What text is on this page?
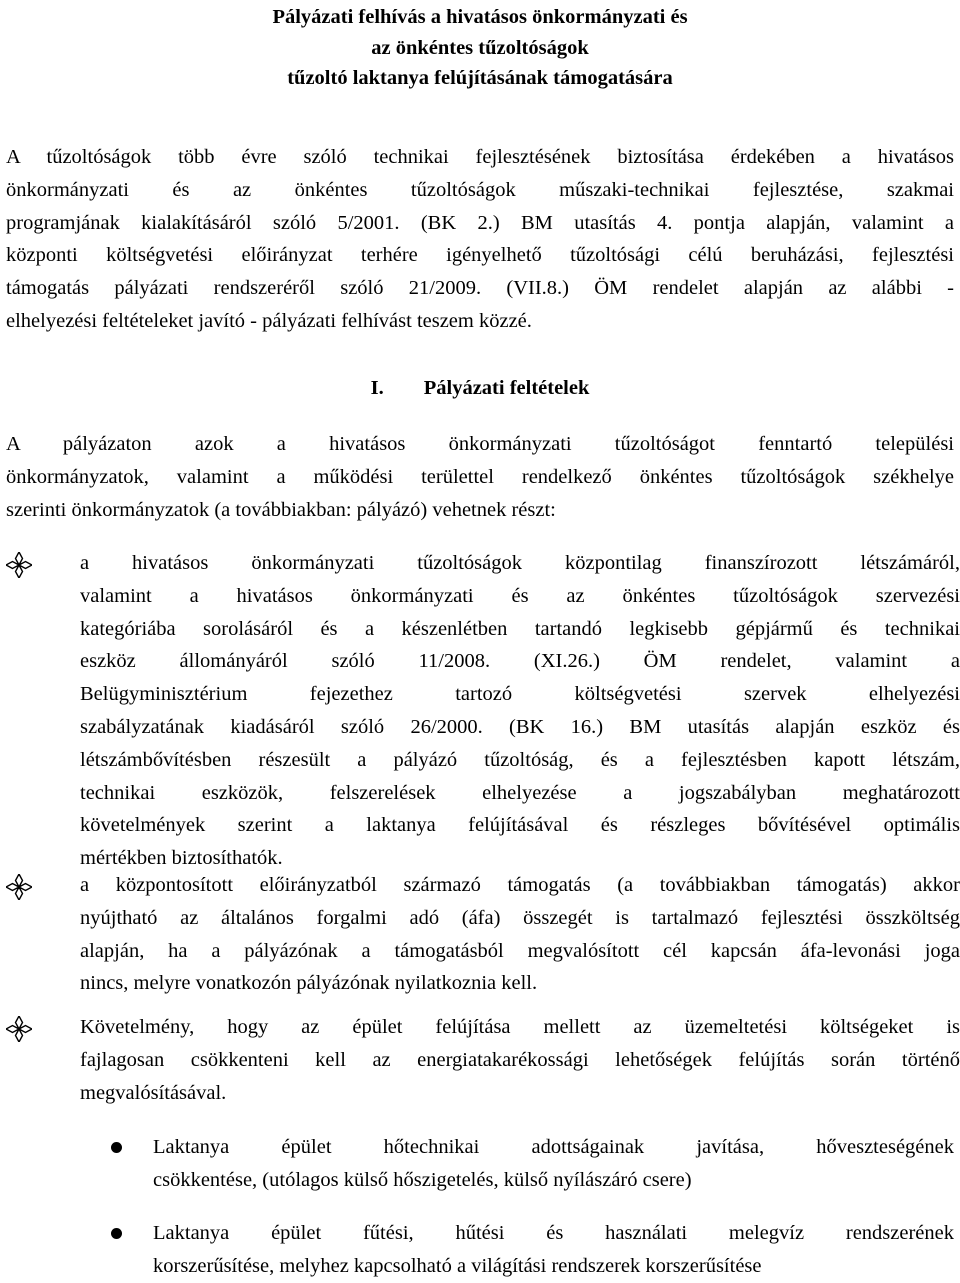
Pályázati felhívás a hivatásos önkormányzati és
az önkéntes tűzoltóságok
tűzoltó laktanya felújításának támogatására
A tűzoltóságok több évre szóló technikai fejlesztésének biztosítása érdekében a hivatásos
önkormányzati és az önkéntes tűzoltóságok műszaki-technikai fejlesztése, szakmai
programjának kialakításáról szóló 5/2001. (BK 2.) BM utasítás 4. pontja alapján, valamint a
központi költségvetési előirányzat terhére igényelhető tűzoltósági célú beruházási, fejlesztési
támogatás pályázati rendszeréről szóló 21/2009. (VII.8.) ÖM rendelet alapján az alábbi -
elhelyezési feltételeket javító - pályázati felhívást teszem közzé.
I. Pályázati feltételek
A pályázaton azok a hivatásos önkormányzati tűzoltóságot fenntartó települési
önkormányzatok, valamint a működési területtel rendelkező önkéntes tűzoltóságok székhelye
szerinti önkormányzatok (a továbbiakban: pályázó) vehetnek részt:
a hivatásos önkormányzati tűzoltóságok központilag finanszírozott létszámáról,
valamint a hivatásos önkormányzati és az önkéntes tűzoltóságok szervezési
kategóriába sorolásáról és a készenlétben tartandó legkisebb gépjármű és technikai
eszköz állományáról szóló 11/2008. (XI.26.) ÖM rendelet, valamint a
Belügyminisztérium fejezethez tartozó költségvetési szervek elhelyezési
szabályzatának kiadásáról szóló 26/2000. (BK 16.) BM utasítás alapján eszköz és
létszámbővítésben részesült a pályázó tűzoltóság, és a fejlesztésben kapott létszám,
technikai eszközök, felszerelések elhelyezése a jogszabályban meghatározott
követelmények szerint a laktanya felújításával és részleges bővítésével optimális
mértékben biztosíthatók.
a központosított előirányzatból származó támogatás (a továbbiakban támogatás) akkor
nyújtható az általános forgalmi adó (áfa) összegét is tartalmazó fejlesztési összköltség
alapján, ha a pályázónak a támogatásból megvalósított cél kapcsán áfa-levonási joga
nincs, melyre vonatkozón pályázónak nyilatkoznia kell.
Követelmény, hogy az épület felújítása mellett az üzemeltetési költségeket is
fajlagosan csökkenteni kell az energiatakarékossági lehetőségek felújítás során történő
megvalósításával.
Laktanya épület hőtechnikai adottságainak javítása, hőveszteségének
csökkentése, (utólagos külső hőszigetelés, külső nyílászáró csere)
Laktanya épület fűtési, hűtési és használati melegvíz rendszerének
korszerűsítése, melyhez kapcsolható a világítási rendszerek korszerűsítése
